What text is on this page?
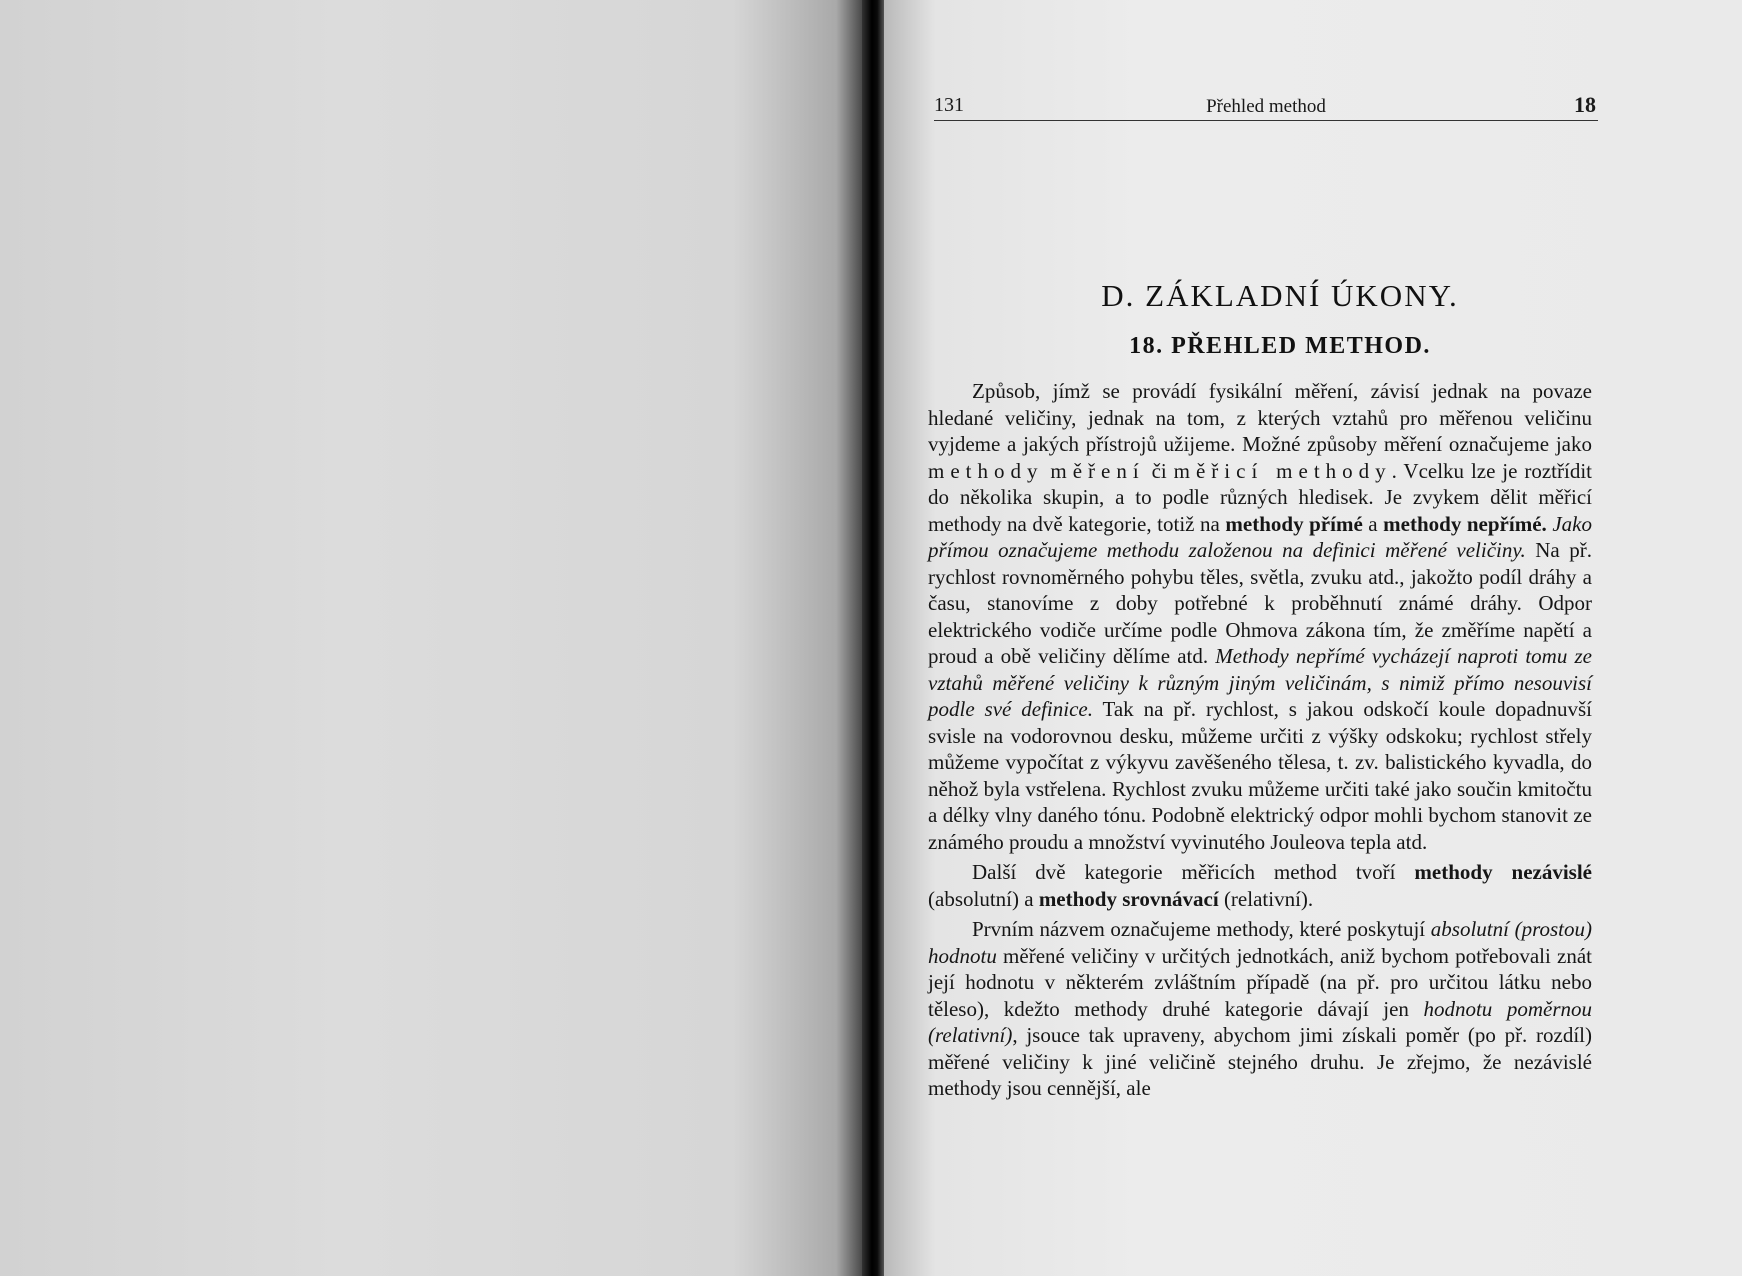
131	Přehled method	18
D. ZÁKLADNÍ ÚKONY.
18. PŘEHLED METHOD.

Způsob, jímž se provádí fysikální měření, závisí jednak na povaze hledané veličiny, jednak na tom, z kterých vztahů pro měřenou veličinu vyjdeme a jakých přístrojů užijeme. Možné způsoby měření označujeme jako methody měření či měřicí methody. Vcelku lze je roztřídit do několika skupin, a to podle různých hledisek. Je zvykem dělit měřicí methody na dvě kategorie, totiž na methody přímé a methody nepřímé. Jako přímou označujeme methodu založenou na definici měřené veličiny. Na př. rychlost rovnoměrného pohybu těles, světla, zvuku atd., jakožto podíl dráhy a času, stanovíme z doby potřebné k proběhnutí známé dráhy. Odpor elektrického vodiče určíme podle Ohmova zákona tím, že změříme napětí a proud a obě veličiny dělíme atd. Methody nepřímé vycházejí naproti tomu ze vztahů měřené veličiny k různým jiným veličinám, s nimiž přímo nesouvisí podle své definice. Tak na př. rychlost, s jakou odskočí koule dopadnuvší svisle na vodorovnou desku, můžeme určiti z výšky odskoku; rychlost střely můžeme vypočítat z výkyvu zavěšeného tělesa, t. zv. balistického kyvadla, do něhož byla vstřelena. Rychlost zvuku můžeme určiti také jako součin kmitočtu a délky vlny daného tónu. Podobně elektrický odpor mohli bychom stanovit ze známého proudu a množství vyvinutého Jouleova tepla atd.

Další dvě kategorie měřicích method tvoří methody nezávislé (absolutní) a methody srovnávací (relativní).

Prvním názvem označujeme methody, které poskytují absolutní (prostou) hodnotu měřené veličiny v určitých jednotkách, aniž bychom potřebovali znát její hodnotu v některém zvláštním případě (na př. pro určitou látku nebo těleso), kdežto methody druhé kategorie dávají jen hodnotu poměrnou (relativní), jsouce tak upraveny, abychom jimi získali poměr (po př. rozdíl) měřené veličiny k jiné veličině stejného druhu. Je zřejmo, že nezávislé methody jsou cennější, ale
